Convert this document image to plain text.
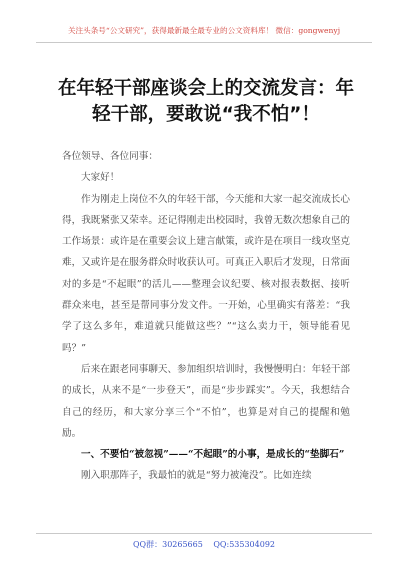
关注头条号“公文研究”，获得最新最全最专业的公文资料库！ 微信：gongwenyj
在年轻干部座谈会上的交流发言：年轻干部，要敢说“我不怕”！

各位领导、各位同事：

大家好！

作为刚走上岗位不久的年轻干部，今天能和大家一起交流成长心得，我既紧张又荣幸。还记得刚走出校园时，我曾无数次想象自己的工作场景：或许是在重要会议上建言献策，或许是在项目一线攻坚克难，又或许是在服务群众时收获认可。可真正入职后才发现，日常面对的多是“不起眼”的活儿——整理会议纪要、核对报表数据、接听群众来电，甚至是帮同事分发文件。一开始，心里确实有落差：“我学了这么多年，难道就只能做这些？”“这么卖力干，领导能看见吗？”

后来在跟老同事聊天、参加组织培训时，我慢慢明白：年轻干部的成长，从来不是“一步登天”，而是“步步踩实”。今天，我想结合自己的经历，和大家分享三个“不怕”，也算是对自己的提醒和勉励。

一、不要怕“被忽视”——“不起眼”的小事，是成长的“垫脚石”

刚入职那阵子，我最怕的就是“努力被淹没”。比如连续

QQ群：30265665 QQ:535304092
